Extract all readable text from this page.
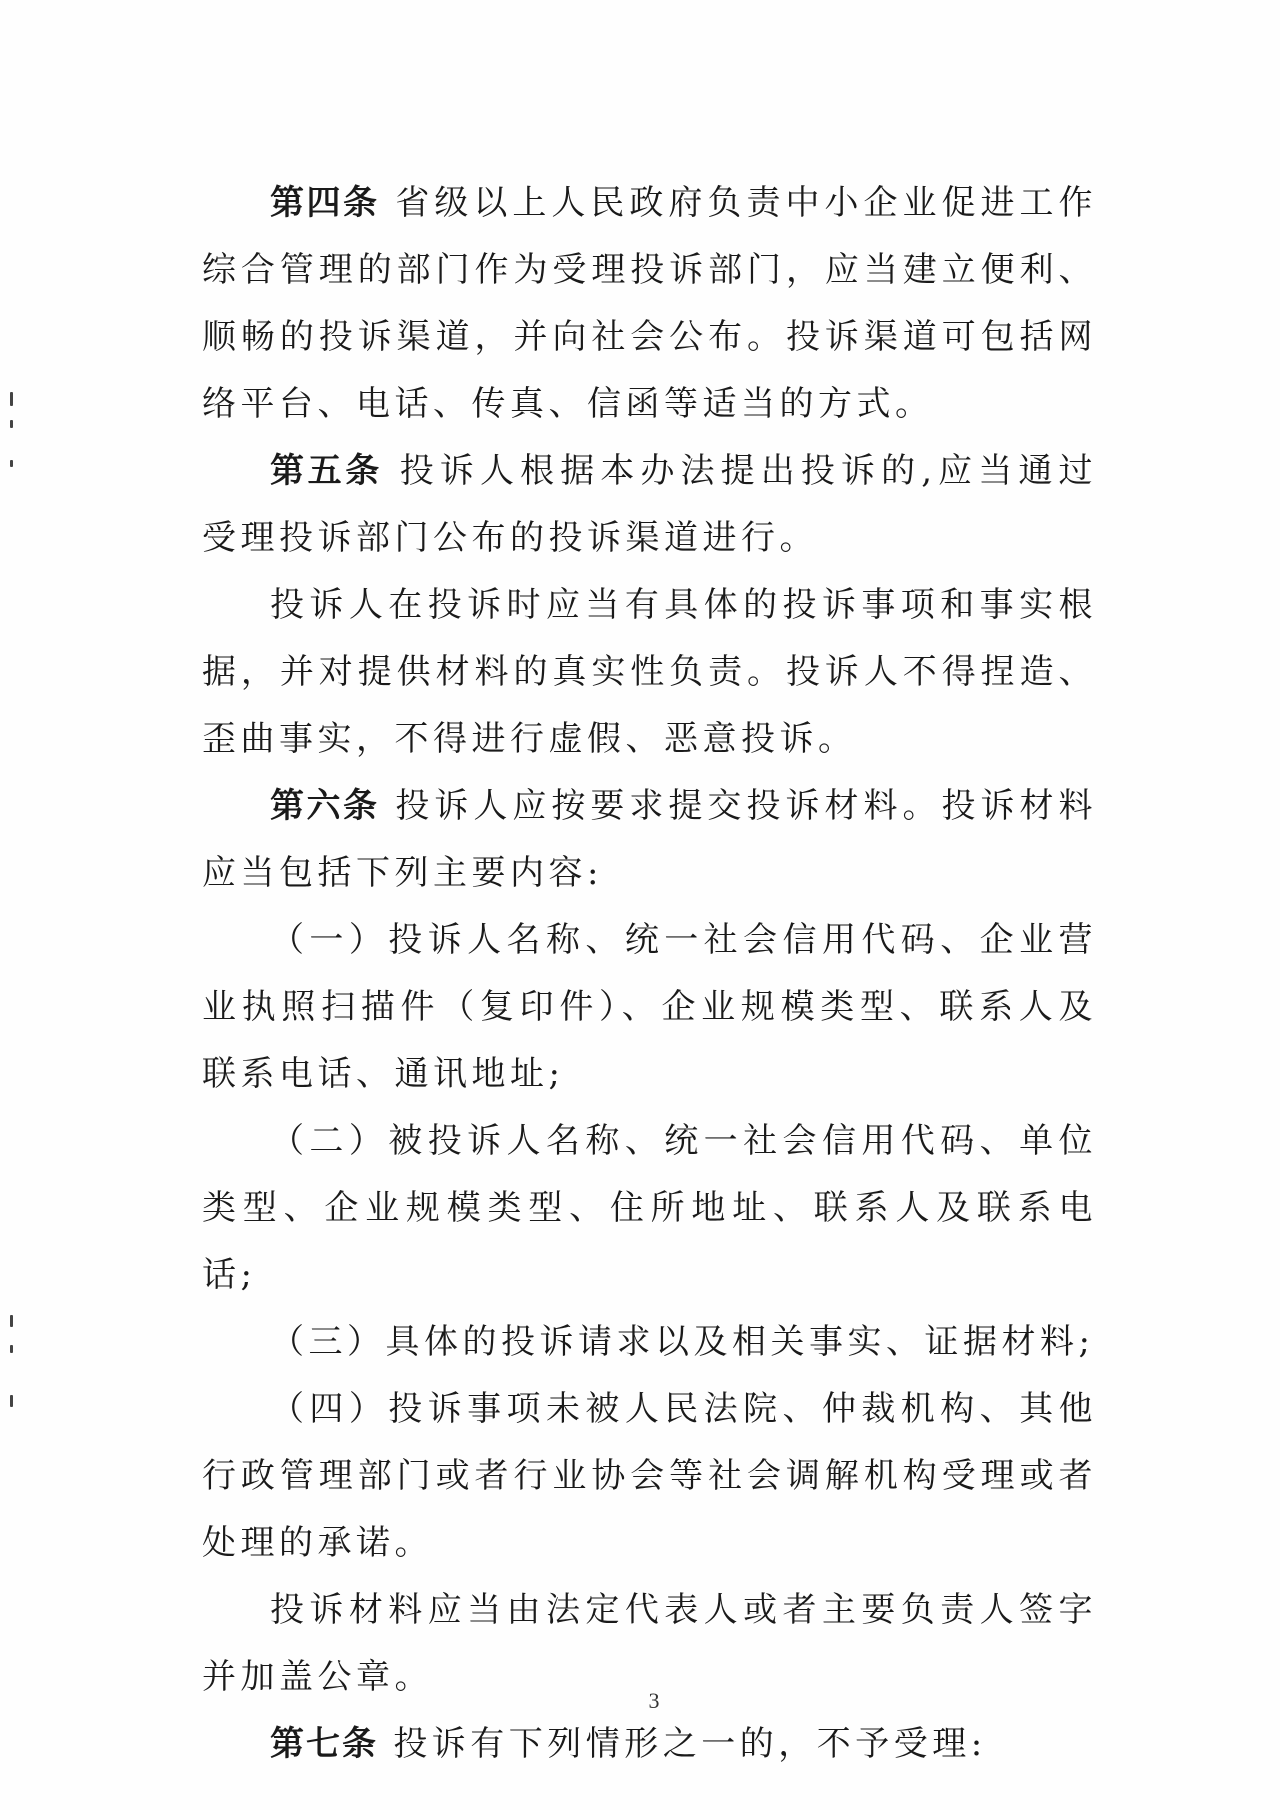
第四条 省级以上人民政府负责中小企业促进工作综合管理的部门作为受理投诉部门，应当建立便利、顺畅的投诉渠道，并向社会公布。投诉渠道可包括网络平台、电话、传真、信函等适当的方式。

第五条 投诉人根据本办法提出投诉的,应当通过受理投诉部门公布的投诉渠道进行。

投诉人在投诉时应当有具体的投诉事项和事实根据，并对提供材料的真实性负责。投诉人不得捏造、歪曲事实，不得进行虚假、恶意投诉。

第六条 投诉人应按要求提交投诉材料。投诉材料应当包括下列主要内容:

（一）投诉人名称、统一社会信用代码、企业营业执照扫描件（复印件）、企业规模类型、联系人及联系电话、通讯地址;

（二）被投诉人名称、统一社会信用代码、单位类型、企业规模类型、住所地址、联系人及联系电话;

（三）具体的投诉请求以及相关事实、证据材料;

（四）投诉事项未被人民法院、仲裁机构、其他行政管理部门或者行业协会等社会调解机构受理或者处理的承诺。

投诉材料应当由法定代表人或者主要负责人签字并加盖公章。

第七条 投诉有下列情形之一的，不予受理:

3
